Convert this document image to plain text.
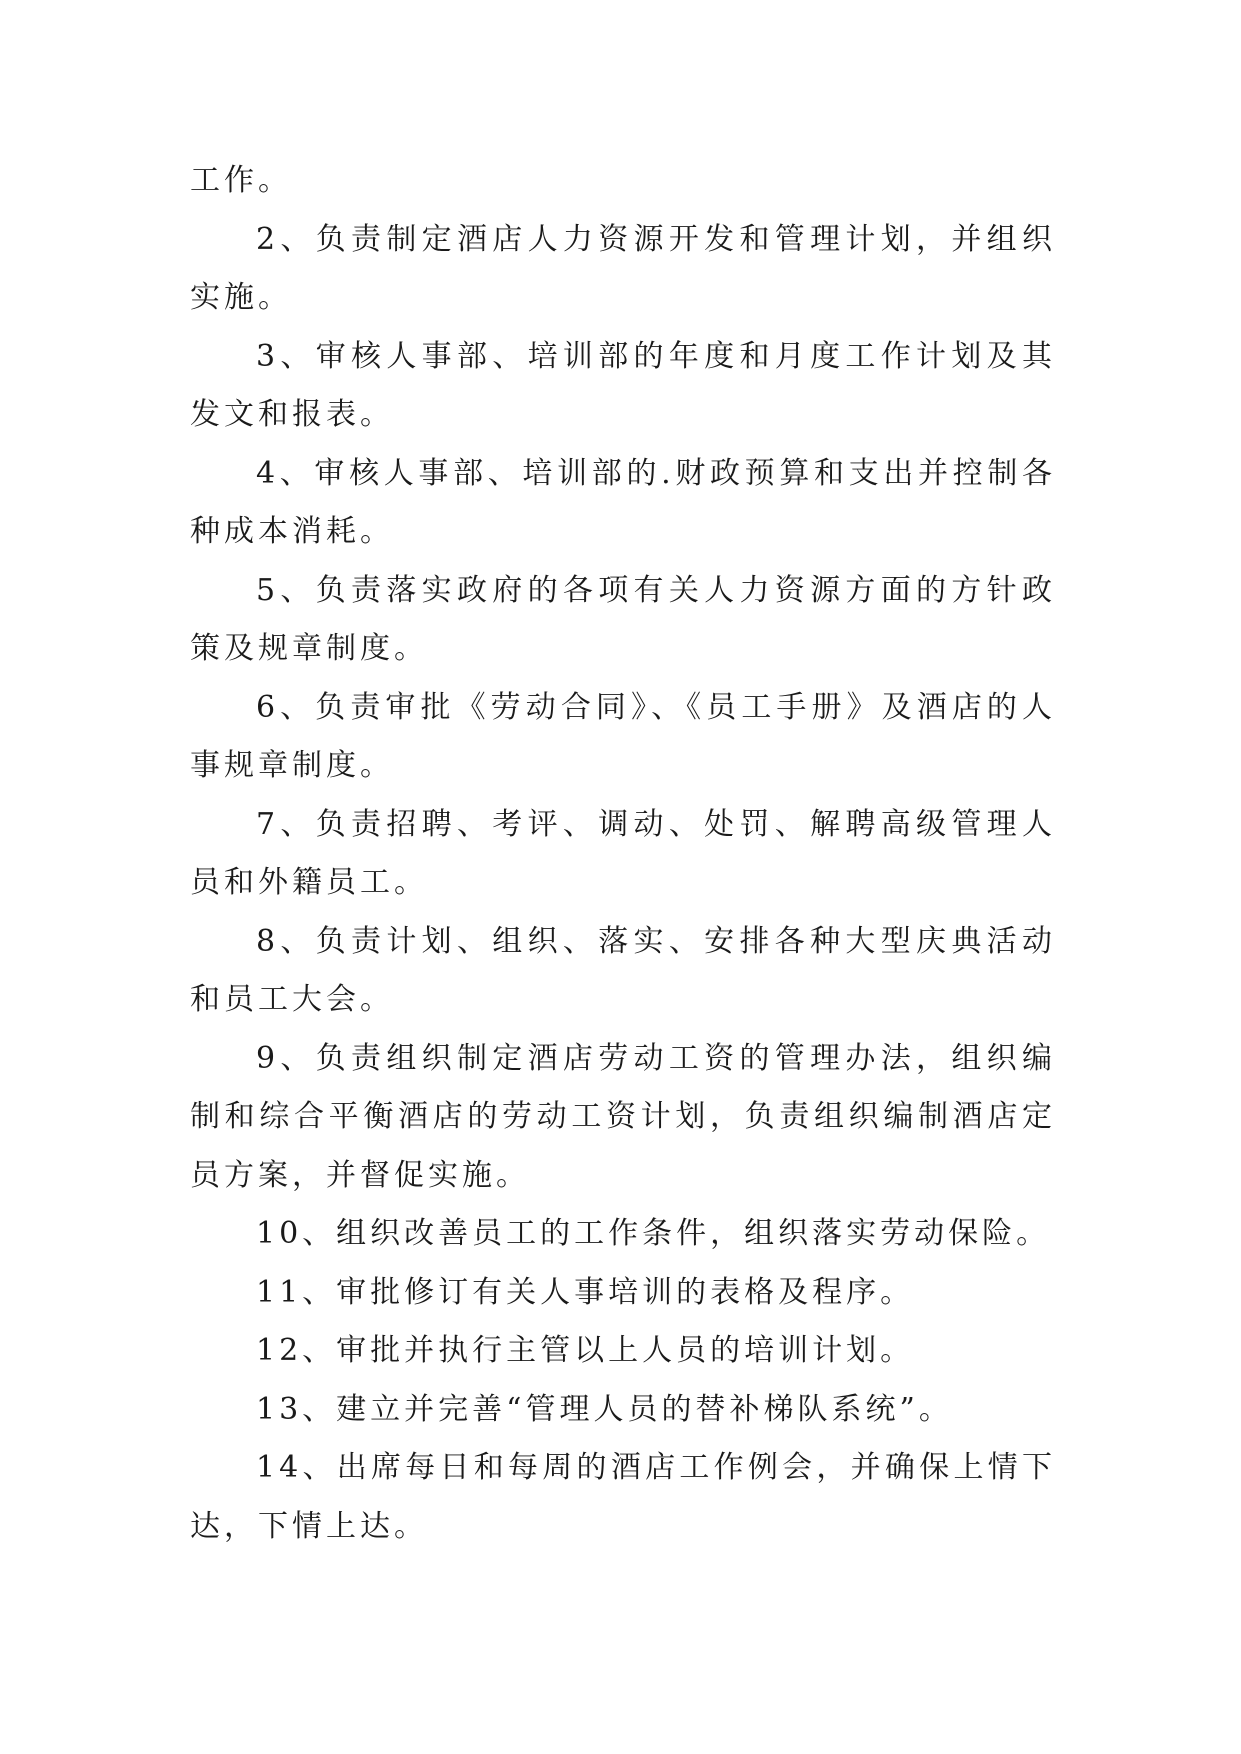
工作。

2、负责制定酒店人力资源开发和管理计划，并组织实施。

3、审核人事部、培训部的年度和月度工作计划及其发文和报表。

4、审核人事部、培训部的.财政预算和支出并控制各种成本消耗。

5、负责落实政府的各项有关人力资源方面的方针政策及规章制度。

6、负责审批《劳动合同》、《员工手册》及酒店的人事规章制度。

7、负责招聘、考评、调动、处罚、解聘高级管理人员和外籍员工。

8、负责计划、组织、落实、安排各种大型庆典活动和员工大会。

9、负责组织制定酒店劳动工资的管理办法，组织编制和综合平衡酒店的劳动工资计划，负责组织编制酒店定员方案，并督促实施。

10、组织改善员工的工作条件，组织落实劳动保险。

11、审批修订有关人事培训的表格及程序。

12、审批并执行主管以上人员的培训计划。

13、建立并完善“管理人员的替补梯队系统”。

14、出席每日和每周的酒店工作例会，并确保上情下达，下情上达。
